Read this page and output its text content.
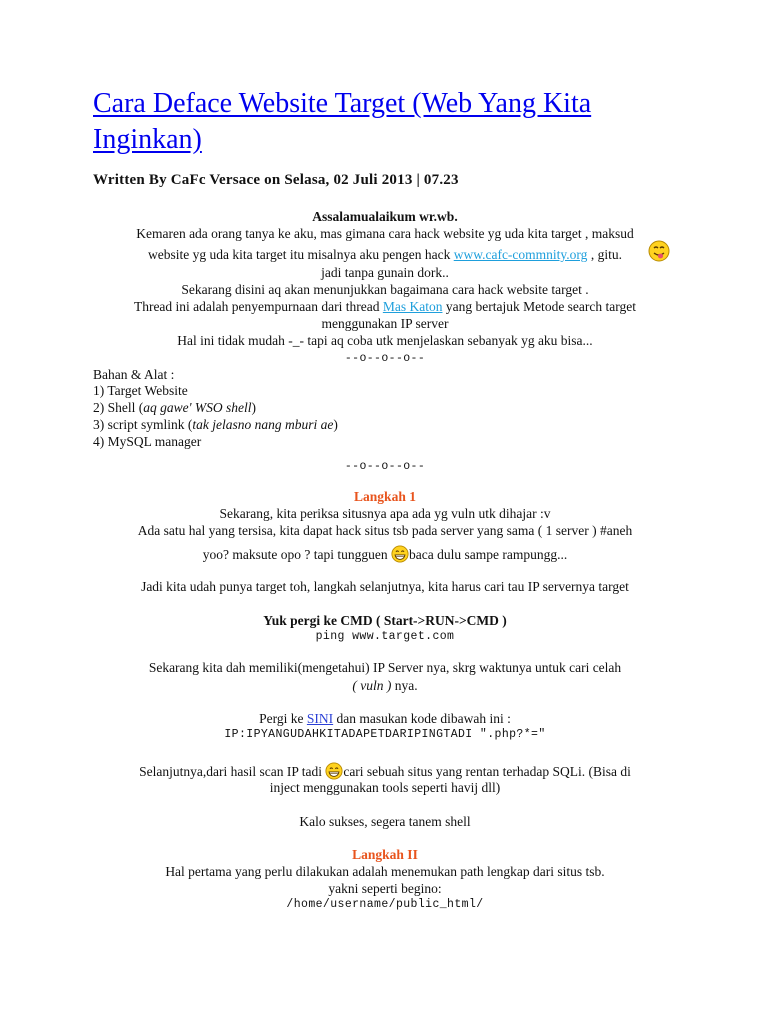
Cara Deface Website Target (Web Yang Kita Inginkan)

Written By CaFc Versace on Selasa, 02 Juli 2013 | 07.23

Assalamualaikum wr.wb.
Kemaren ada orang tanya ke aku, mas gimana cara hack website yg uda kita target , maksud
website yg uda kita target itu misalnya aku pengen hack www.cafc-commnity.org , gitu.
jadi tanpa gunain dork..
Sekarang disini aq akan menunjukkan bagaimana cara hack website target .
Thread ini adalah penyempurnaan dari thread Mas Katon yang bertajuk Metode search target
menggunakan IP server
Hal ini tidak mudah -_- tapi aq coba utk menjelaskan sebanyak yg aku bisa...
--o--o--o--
Bahan & Alat :
1) Target Website
2) Shell (aq gawe' WSO shell)
3) script symlink (tak jelasno nang mburi ae)
4) MySQL manager
--o--o--o--
Langkah 1
Sekarang, kita periksa situsnya apa ada yg vuln utk dihajar :v
Ada satu hal yang tersisa, kita dapat hack situs tsb pada server yang sama ( 1 server ) #aneh
yoo? maksute opo ? tapi tungguen baca dulu sampe rampungg...
Jadi kita udah punya target toh, langkah selanjutnya, kita harus cari tau IP servernya target
Yuk pergi ke CMD ( Start->RUN->CMD )
ping www.target.com
Sekarang kita dah memiliki(mengetahui) IP Server nya, skrg waktunya untuk cari celah
( vuln ) nya.
Pergi ke SINI dan masukan kode dibawah ini :
IP:IPYANGUDAHKITADAPETDARIPINGTADI ".php?*="
Selanjutnya,dari hasil scan IP tadi cari sebuah situs yang rentan terhadap SQLi. (Bisa di
inject menggunakan tools seperti havij dll)
Kalo sukses, segera tanem shell
Langkah II
Hal pertama yang perlu dilakukan adalah menemukan path lengkap dari situs tsb.
yakni seperti begino:
/home/username/public_html/
